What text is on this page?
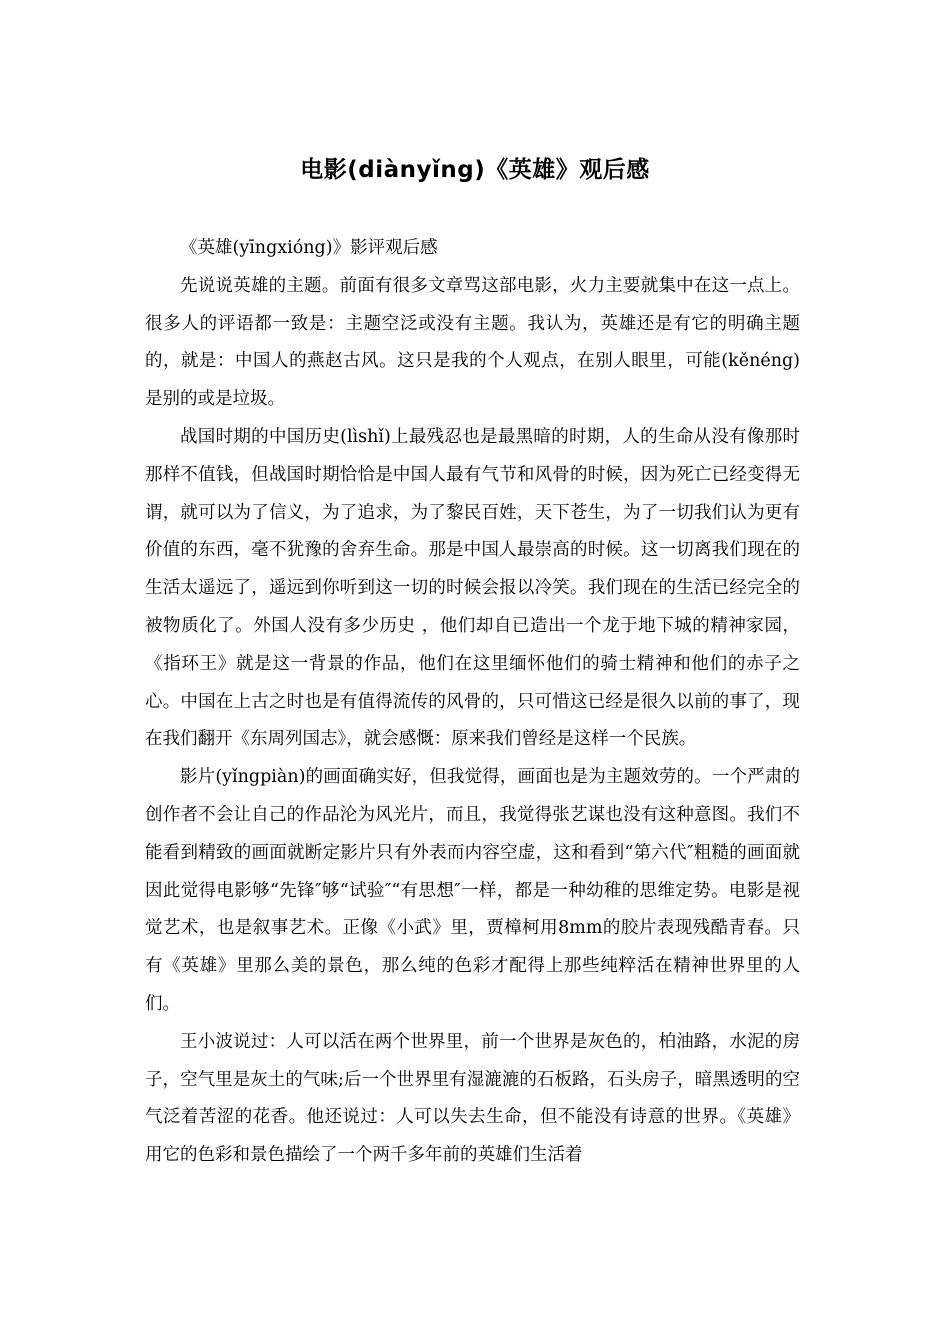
电影(diànyǐng)《英雄》观后感

《英雄(yīngxióng)》影评观后感

先说说英雄的主题。前面有很多文章骂这部电影，火力主要就集中在这一点上。很多人的评语都一致是：主题空泛或没有主题。我认为，英雄还是有它的明确主题的，就是：中国人的燕赵古风。这只是我的个人观点，在别人眼里，可能(kěnéng)是别的或是垃圾。

战国时期的中国历史(lìshǐ)上最残忍也是最黑暗的时期，人的生命从没有像那时那样不值钱，但战国时期恰恰是中国人最有气节和风骨的时候，因为死亡已经变得无谓，就可以为了信义，为了追求，为了黎民百姓，天下苍生，为了一切我们认为更有价值的东西，毫不犹豫的舍弃生命。那是中国人最崇高的时候。这一切离我们现在的生活太遥远了，遥远到你听到这一切的时候会报以冷笑。我们现在的生活已经完全的被物质化了。外国人没有多少历史 ，他们却自已造出一个龙于地下城的精神家园，《指环王》就是这一背景的作品，他们在这里缅怀他们的骑士精神和他们的赤子之心。中国在上古之时也是有值得流传的风骨的，只可惜这已经是很久以前的事了，现在我们翻开《东周列国志》，就会感慨：原来我们曾经是这样一个民族。

影片(yǐngpiàn)的画面确实好，但我觉得，画面也是为主题效劳的。一个严肃的创作者不会让自己的作品沦为风光片，而且，我觉得张艺谋也没有这种意图。我们不能看到精致的画面就断定影片只有外表而内容空虚，这和看到“第六代″粗糙的画面就因此觉得电影够“先锋″够“试验″“有思想″一样，都是一种幼稚的思维定势。电影是视觉艺术，也是叙事艺术。正像《小武》里，贾樟柯用8mm的胶片表现残酷青春。只有《英雄》里那么美的景色，那么纯的色彩才配得上那些纯粹活在精神世界里的人们。

王小波说过：人可以活在两个世界里，前一个世界是灰色的，柏油路，水泥的房子，空气里是灰土的气味;后一个世界里有湿漉漉的石板路，石头房子，暗黑透明的空气泛着苦涩的花香。他还说过：人可以失去生命，但不能没有诗意的世界。《英雄》用它的色彩和景色描绘了一个两千多年前的英雄们生活着
